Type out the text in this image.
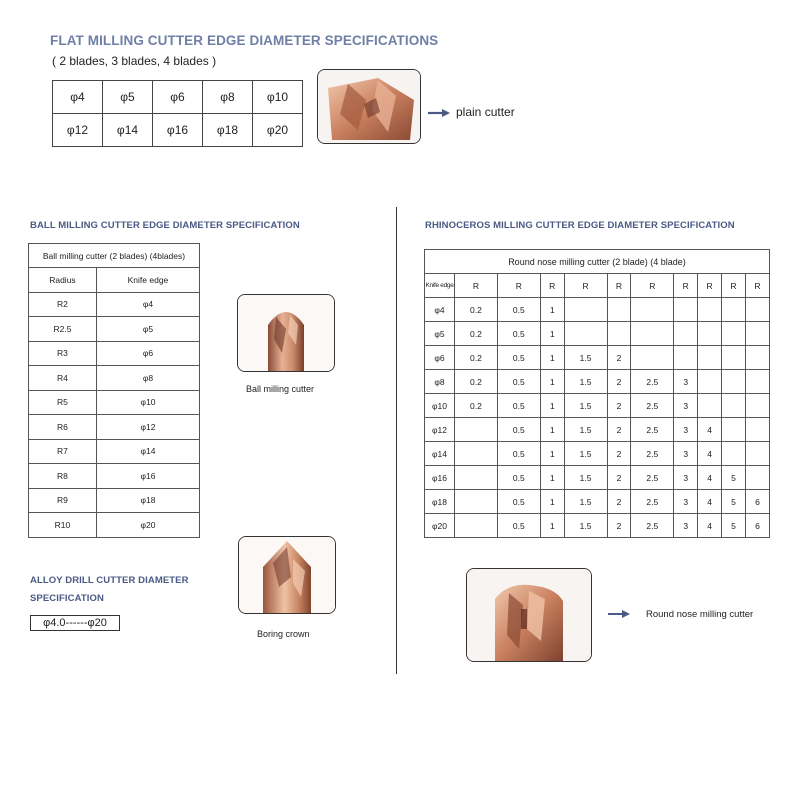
FLAT MILLING CUTTER EDGE DIAMETER SPECIFICATIONS
( 2 blades, 3 blades, 4 blades )
φ4	φ5	φ6	φ8	φ10
φ12	φ14	φ16	φ18	φ20
plain cutter
BALL MILLING CUTTER EDGE DIAMETER SPECIFICATION
Ball milling cutter (2 blades) (4blades)	
Radius	Knife edge
R2	φ4
R2.5	φ5
R3	φ6
R4	φ8
R5	φ10
R6	φ12
R7	φ14
R8	φ16
R9	φ18
R10	φ20
Ball milling cutter
Boring crown
ALLOY DRILL CUTTER DIAMETER
SPECIFICATION
φ4.0------φ20
RHINOCEROS MILLING CUTTER EDGE DIAMETER SPECIFICATION
Round nose milling cutter (2 blade) (4 blade)										
Knife edge	R	R	R	R	R	R	R	R	R	R
φ4	0.2	0.5	1							
φ5	0.2	0.5	1							
φ6	0.2	0.5	1	1.5	2					
φ8	0.2	0.5	1	1.5	2	2.5	3			
φ10	0.2	0.5	1	1.5	2	2.5	3			
φ12		0.5	1	1.5	2	2.5	3	4		
φ14		0.5	1	1.5	2	2.5	3	4		
φ16		0.5	1	1.5	2	2.5	3	4	5	
φ18		0.5	1	1.5	2	2.5	3	4	5	6
φ20		0.5	1	1.5	2	2.5	3	4	5	6
Round nose milling cutter
